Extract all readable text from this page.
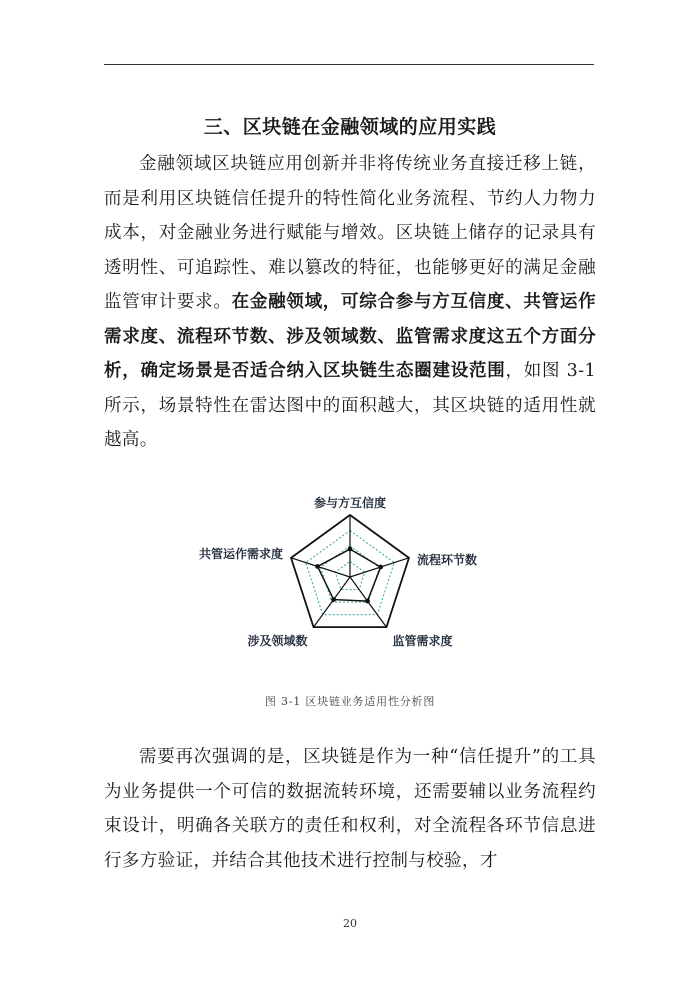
三、区块链在金融领域的应用实践
金融领域区块链应用创新并非将传统业务直接迁移上链，而是利用区块链信任提升的特性简化业务流程、节约人力物力成本，对金融业务进行赋能与增效。区块链上储存的记录具有透明性、可追踪性、难以篡改的特征，也能够更好的满足金融监管审计要求。在金融领域，可综合参与方互信度、共管运作需求度、流程环节数、涉及领域数、监管需求度这五个方面分析，确定场景是否适合纳入区块链生态圈建设范围，如图 3-1 所示，场景特性在雷达图中的面积越大，其区块链的适用性就越高。
参与方互信度
流程环节数
监管需求度
涉及领域数
共管运作需求度
图 3-1 区块链业务适用性分析图
需要再次强调的是，区块链是作为一种“信任提升”的工具为业务提供一个可信的数据流转环境，还需要辅以业务流程约束设计，明确各关联方的责任和权利，对全流程各环节信息进行多方验证，并结合其他技术进行控制与校验，才
20
